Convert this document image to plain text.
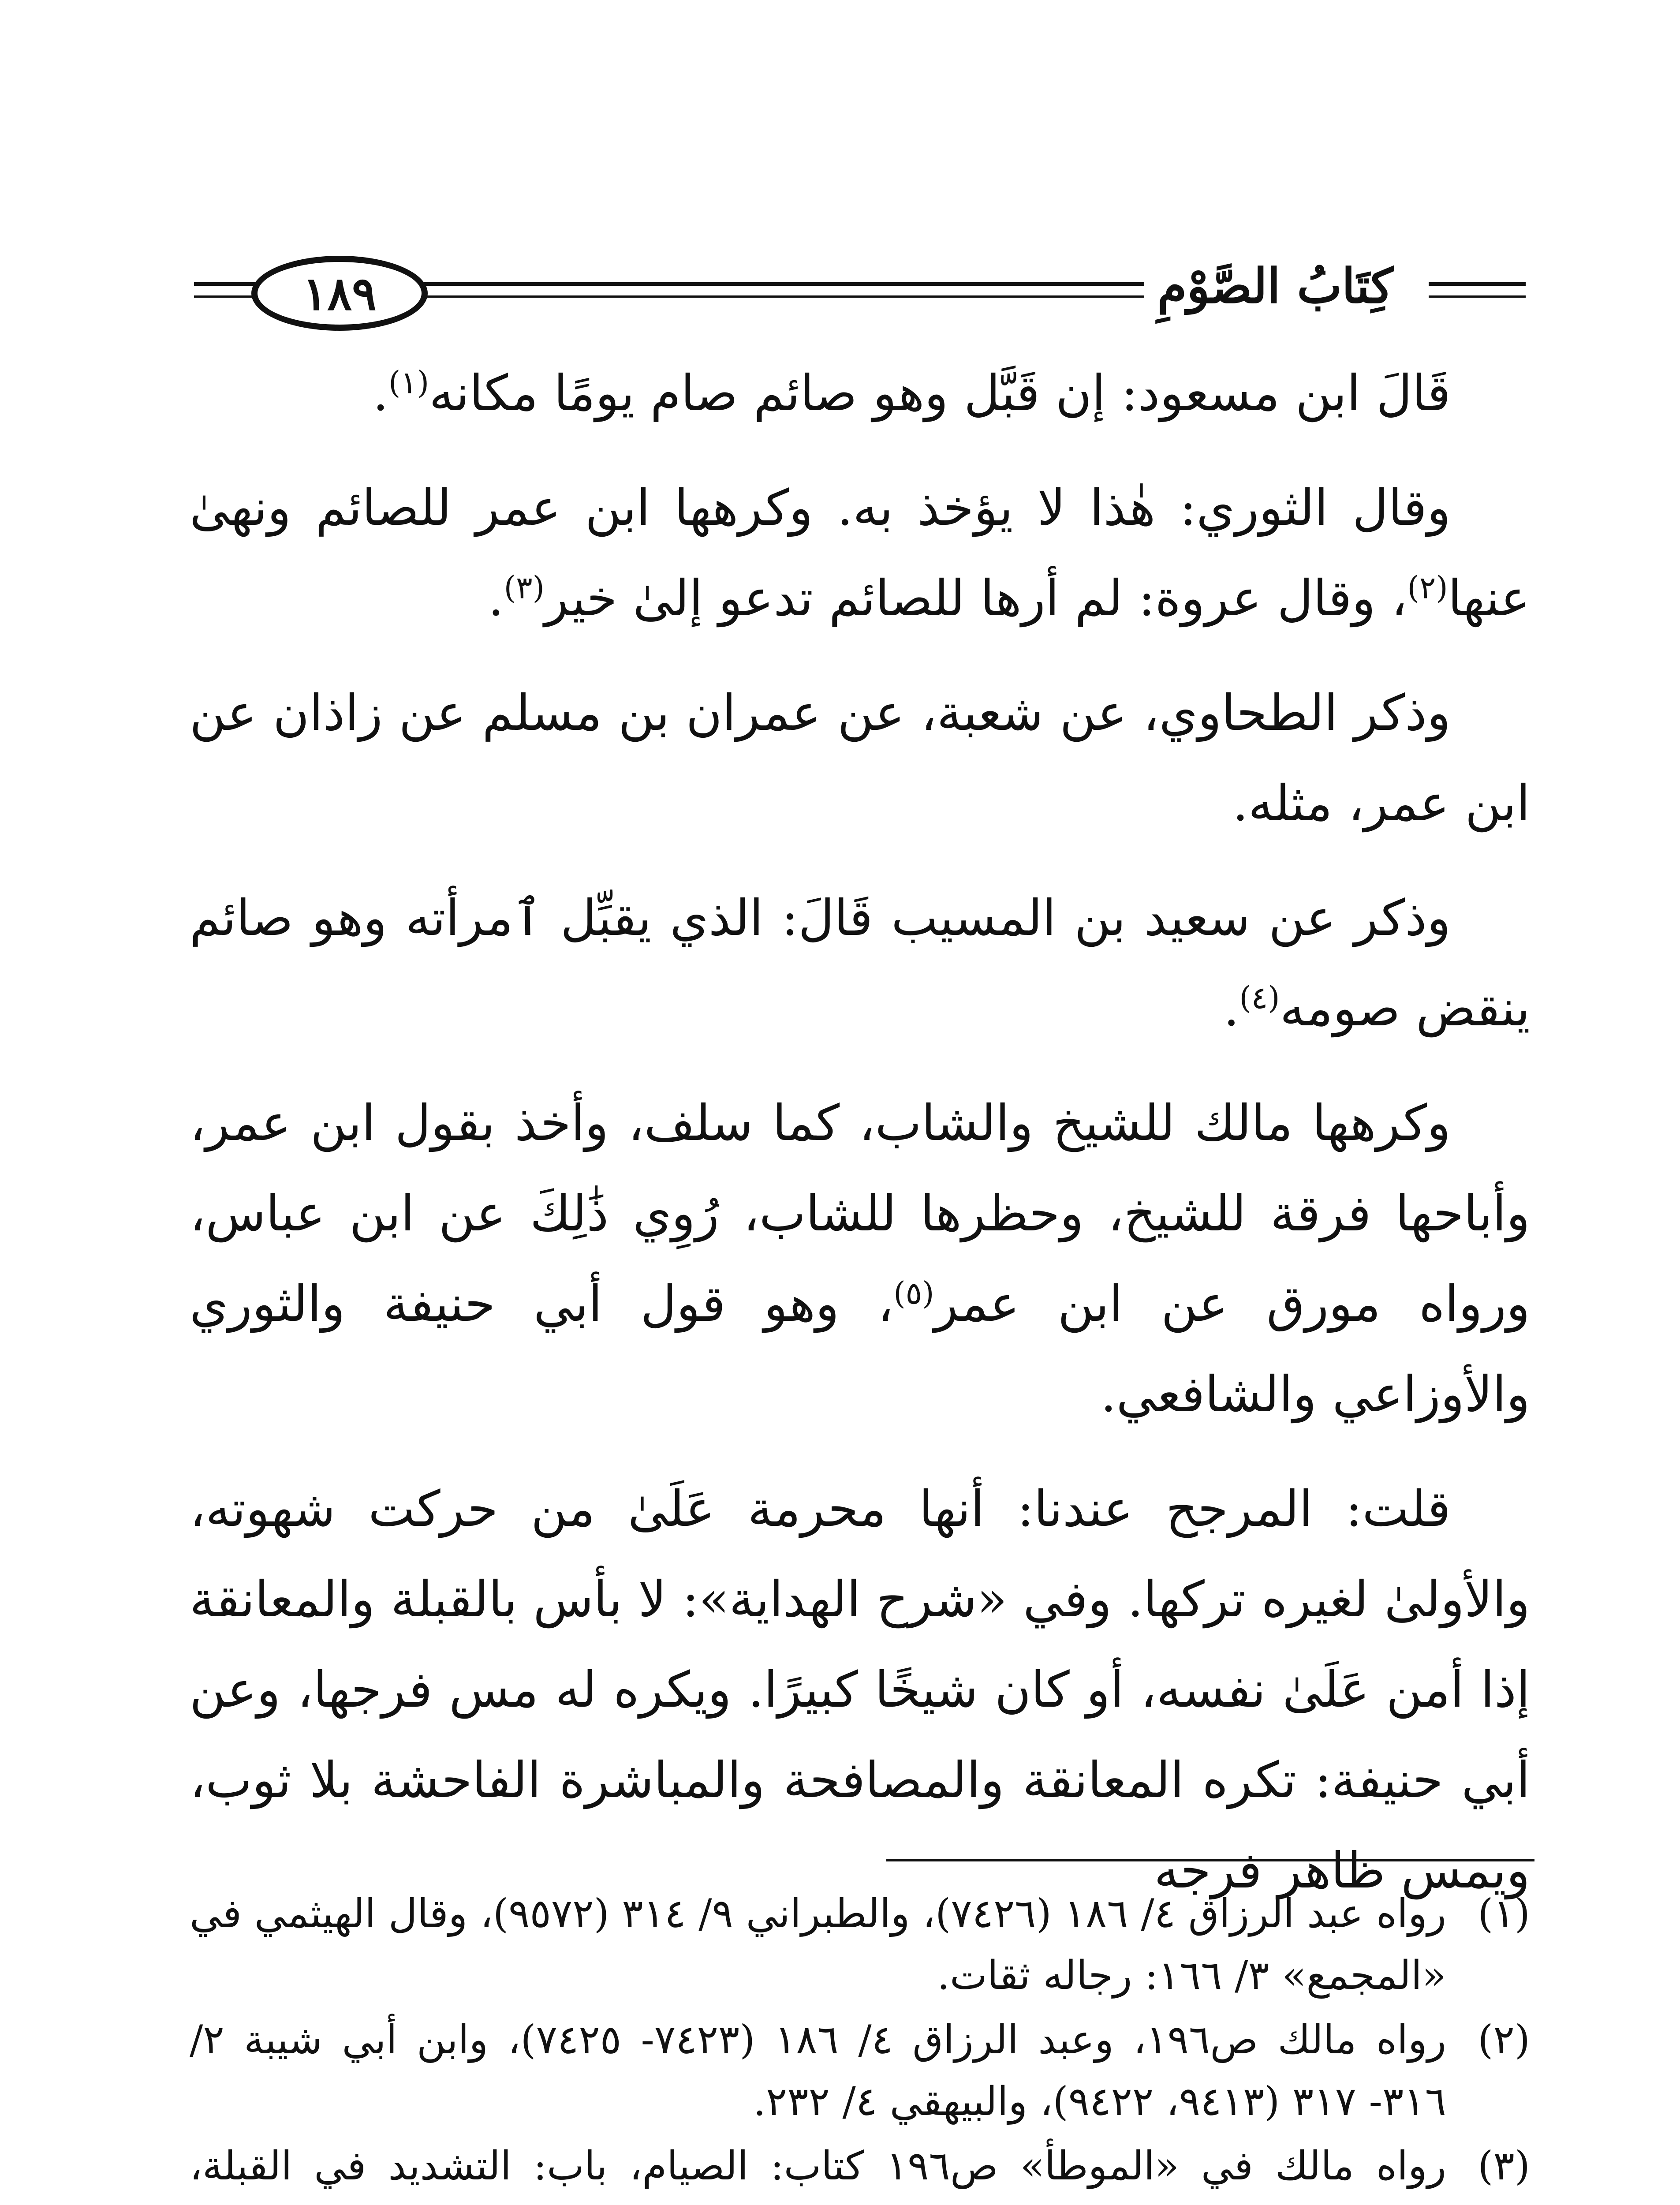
١٨٩	كِتَابُ الصَّوْمِ

قَالَ ابن مسعود: إن قَبَّل وهو صائم صام يومًا مكانه$^{(١)}$.

وقال الثوري: هٰذا لا يؤخذ به. وكرهها ابن عمر للصائم ونهىٰ عنها$^{(٢)}$، وقال عروة: لم أرها للصائم تدعو إلىٰ خير$^{(٣)}$.

وذكر الطحاوي، عن شعبة، عن عمران بن مسلم عن زاذان عن ابن عمر، مثله.

وذكر عن سعيد بن المسيب قَالَ: الذي يقبِّل ٱمرأته وهو صائم ينقض صومه$^{(٤)}$.

وكرهها مالك للشيخ والشاب، كما سلف، وأخذ بقول ابن عمر، وأباحها فرقة للشيخ، وحظرها للشاب، رُوِي ذَٰلِكَ عن ابن عباس، ورواه مورق عن ابن عمر$^{(٥)}$، وهو قول أبي حنيفة والثوري والأوزاعي والشافعي.

قلت: المرجح عندنا: أنها محرمة عَلَىٰ من حركت شهوته، والأولىٰ لغيره تركها. وفي «شرح الهداية»: لا بأس بالقبلة والمعانقة إذا أمن عَلَىٰ نفسه، أو كان شيخًا كبيرًا. ويكره له مس فرجها، وعن أبي حنيفة: تكره المعانقة والمصافحة والمباشرة الفاحشة بلا ثوب، ويمس ظاهر فرجه

(١)
رواه عبد الرزاق ٤/ ١٨٦ (٧٤٢٦)، والطبراني ٩/ ٣١٤ (٩٥٧٢)، وقال الهيثمي في «المجمع» ٣/ ١٦٦: رجاله ثقات.
(٢)
رواه مالك ص١٩٦، وعبد الرزاق ٤/ ١٨٦ (٧٤٢٣- ٧٤٢٥)، وابن أبي شيبة ٢/ ٣١٦- ٣١٧ (٩٤١٣، ٩٤٢٢)، والبيهقي ٤/ ٢٣٢.
(٣)
رواه مالك في «الموطأ» ص١٩٦ كتاب: الصيام، باب: التشديد في القبلة،
